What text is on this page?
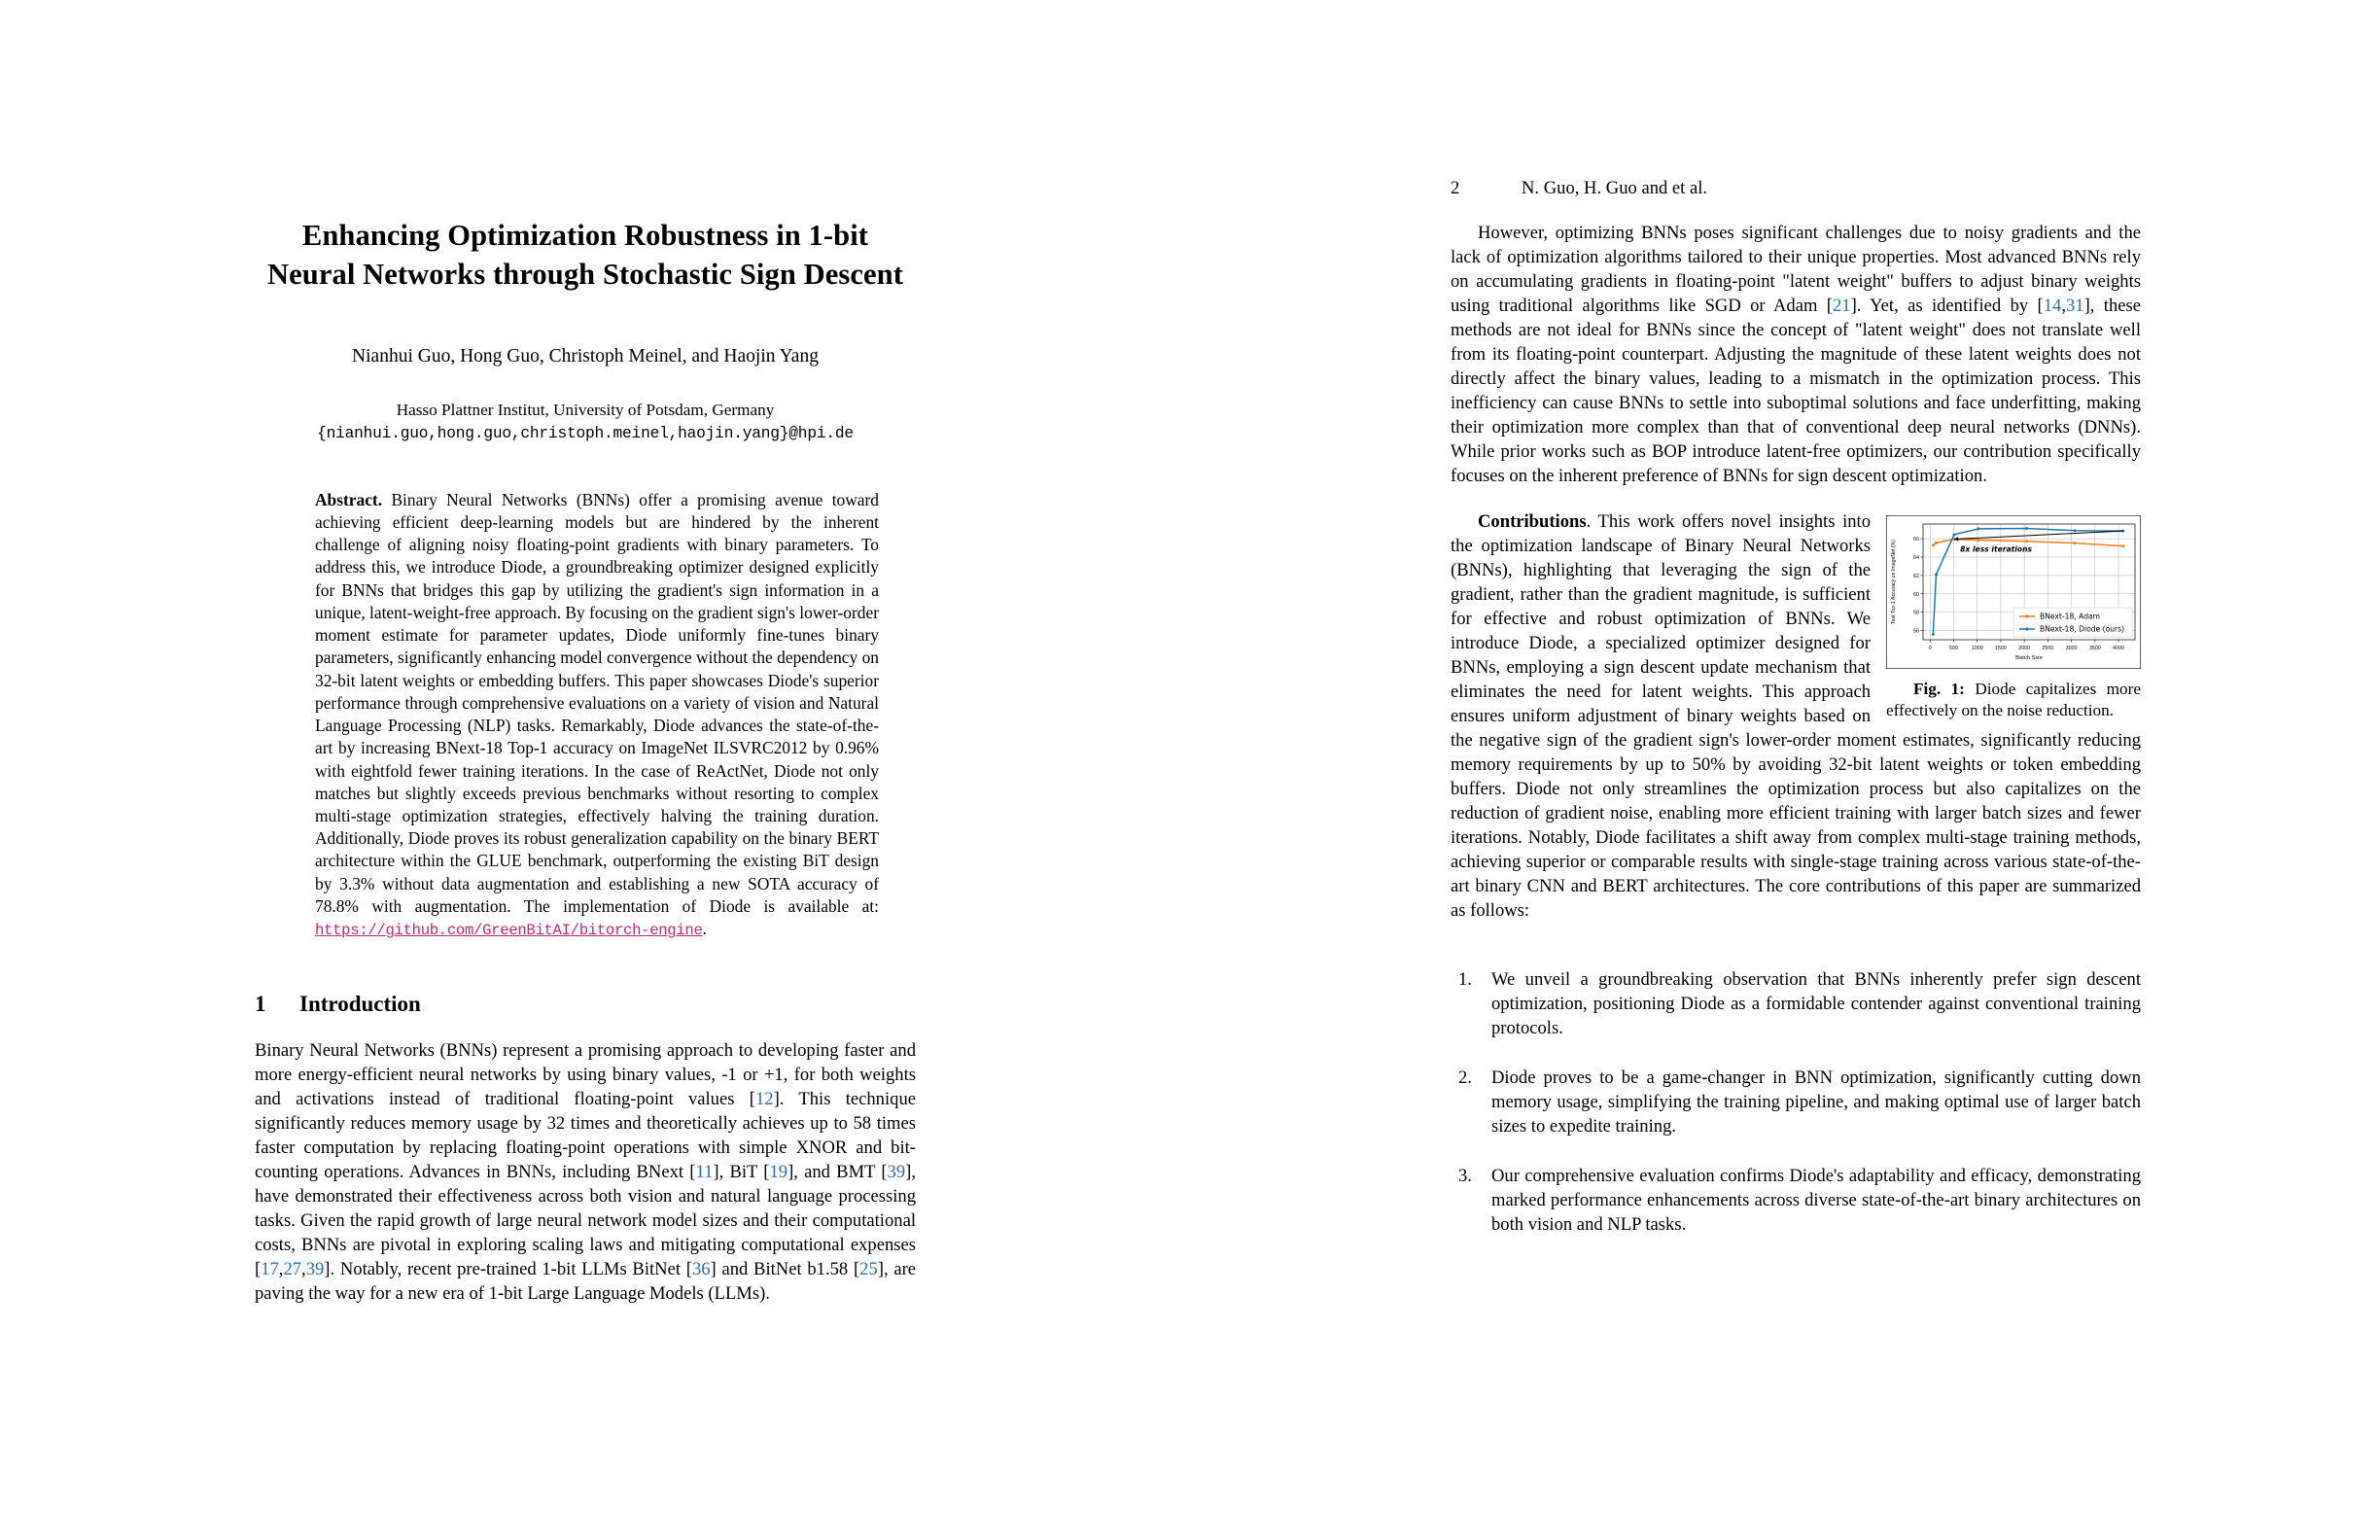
Enhancing Optimization Robustness in 1-bit
Neural Networks through Stochastic Sign Descent
Nianhui Guo, Hong Guo, Christoph Meinel, and Haojin Yang
Hasso Plattner Institut, University of Potsdam, Germany
{nianhui.guo,hong.guo,christoph.meinel,haojin.yang}@hpi.de
Abstract. Binary Neural Networks (BNNs) offer a promising avenue toward achieving efficient deep-learning models but are hindered by the inherent challenge of aligning noisy floating-point gradients with binary parameters. To address this, we introduce Diode, a groundbreaking optimizer designed explicitly for BNNs that bridges this gap by utilizing the gradient's sign information in a unique, latent-weight-free approach. By focusing on the gradient sign's lower-order moment estimate for parameter updates, Diode uniformly fine-tunes binary parameters, significantly enhancing model convergence without the dependency on 32-bit latent weights or embedding buffers. This paper showcases Diode's superior performance through comprehensive evaluations on a variety of vision and Natural Language Processing (NLP) tasks. Remarkably, Diode advances the state-of-the-art by increasing BNext-18 Top-1 accuracy on ImageNet ILSVRC2012 by 0.96% with eightfold fewer training iterations. In the case of ReActNet, Diode not only matches but slightly exceeds previous benchmarks without resorting to complex multi-stage optimization strategies, effectively halving the training duration. Additionally, Diode proves its robust generalization capability on the binary BERT architecture within the GLUE benchmark, outperforming the existing BiT design by 3.3% without data augmentation and establishing a new SOTA accuracy of 78.8% with augmentation. The implementation of Diode is available at: https://github.com/GreenBitAI/bitorch-engine.
1 Introduction
Binary Neural Networks (BNNs) represent a promising approach to developing faster and more energy-efficient neural networks by using binary values, -1 or +1, for both weights and activations instead of traditional floating-point values [12]. This technique significantly reduces memory usage by 32 times and theoretically achieves up to 58 times faster computation by replacing floating-point operations with simple XNOR and bit-counting operations. Advances in BNNs, including BNext [11], BiT [19], and BMT [39], have demonstrated their effectiveness across both vision and natural language processing tasks. Given the rapid growth of large neural network model sizes and their computational costs, BNNs are pivotal in exploring scaling laws and mitigating computational expenses [17,27,39]. Notably, recent pre-trained 1-bit LLMs BitNet [36] and BitNet b1.58 [25], are paving the way for a new era of 1-bit Large Language Models (LLMs).
2	N. Guo, H. Guo and et al.
However, optimizing BNNs poses significant challenges due to noisy gradients and the lack of optimization algorithms tailored to their unique properties. Most advanced BNNs rely on accumulating gradients in floating-point "latent weight" buffers to adjust binary weights using traditional algorithms like SGD or Adam [21]. Yet, as identified by [14,31], these methods are not ideal for BNNs since the concept of "latent weight" does not translate well from its floating-point counterpart. Adjusting the magnitude of these latent weights does not directly affect the binary values, leading to a mismatch in the optimization process. This inefficiency can cause BNNs to settle into suboptimal solutions and face underfitting, making their optimization more complex than that of conventional deep neural networks (DNNs). While prior works such as BOP introduce latent-free optimizers, our contribution specifically focuses on the inherent preference of BNNs for sign descent optimization.
0	500	1000 1500 2000 2500 3000 3500 4000
56
58
60
62
64
66
Batch Size
Test Top-1 Accuracy on ImageNet (%)	8x less iterations
BNext-18, Adam
BNext-18, Diode (ours)
Fig. 1: Diode capitalizes more effectively on the noise reduction.
Contributions. This work offers novel insights into the optimization landscape of Binary Neural Networks (BNNs), highlighting that leveraging the sign of the gradient, rather than the gradient magnitude, is sufficient for effective and robust optimization of BNNs. We introduce Diode, a specialized optimizer designed for BNNs, employing a sign descent update mechanism that eliminates the need for latent weights. This approach ensures uniform adjustment of binary weights based on the negative sign of the gradient sign's lower-order moment estimates, significantly reducing memory requirements by up to 50% by avoiding 32-bit latent weights or token embedding buffers. Diode not only streamlines the optimization process but also capitalizes on the reduction of gradient noise, enabling more efficient training with larger batch sizes and fewer iterations. Notably, Diode facilitates a shift away from complex multi-stage training methods, achieving superior or comparable results with single-stage training across various state-of-the-art binary CNN and BERT architectures. The core contributions of this paper are summarized as follows:
We unveil a groundbreaking observation that BNNs inherently prefer sign descent optimization, positioning Diode as a formidable contender against conventional training protocols.
Diode proves to be a game-changer in BNN optimization, significantly cutting down memory usage, simplifying the training pipeline, and making optimal use of larger batch sizes to expedite training.
Our comprehensive evaluation confirms Diode's adaptability and efficacy, demonstrating marked performance enhancements across diverse state-of-the-art binary architectures on both vision and NLP tasks.
